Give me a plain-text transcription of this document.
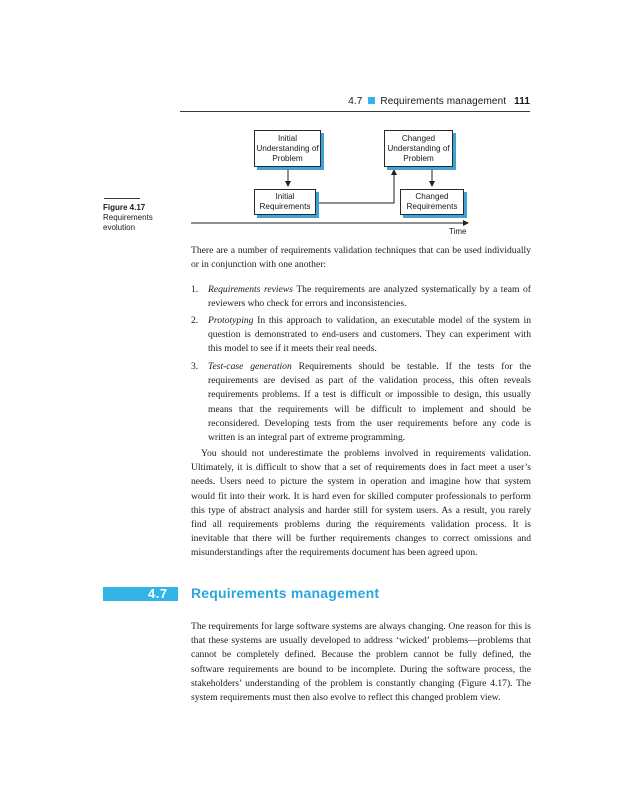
4.7 Requirements management 111
Initial Understanding of Problem
Changed Understanding of Problem
Initial Requirements
Changed Requirements
Time
Figure 4.17
Requirements evolution
There are a number of requirements validation techniques that can be used individually or in conjunction with one another:
1.	Requirements reviews The requirements are analyzed systematically by a team of reviewers who check for errors and inconsistencies.
2.	Prototyping In this approach to validation, an executable model of the system in question is demonstrated to end-users and customers. They can experiment with this model to see if it meets their real needs.
3.	Test-case generation Requirements should be testable. If the tests for the requirements are devised as part of the validation process, this often reveals requirements problems. If a test is difficult or impossible to design, this usually means that the requirements will be difficult to implement and should be reconsidered. Developing tests from the user requirements before any code is written is an integral part of extreme programming.
You should not underestimate the problems involved in requirements validation. Ultimately, it is difficult to show that a set of requirements does in fact meet a user’s needs. Users need to picture the system in operation and imagine how that system would fit into their work. It is hard even for skilled computer professionals to perform this type of abstract analysis and harder still for system users. As a result, you rarely find all requirements problems during the requirements validation process. It is inevitable that there will be further requirements changes to correct omissions and misunderstandings after the requirements document has been agreed upon.
4.7	Requirements management
The requirements for large software systems are always changing. One reason for this is that these systems are usually developed to address ‘wicked’ problems—problems that cannot be completely defined. Because the problem cannot be fully defined, the software requirements are bound to be incomplete. During the software process, the stakeholders’ understanding of the problem is constantly changing (Figure 4.17). The system requirements must then also evolve to reflect this changed problem view.
